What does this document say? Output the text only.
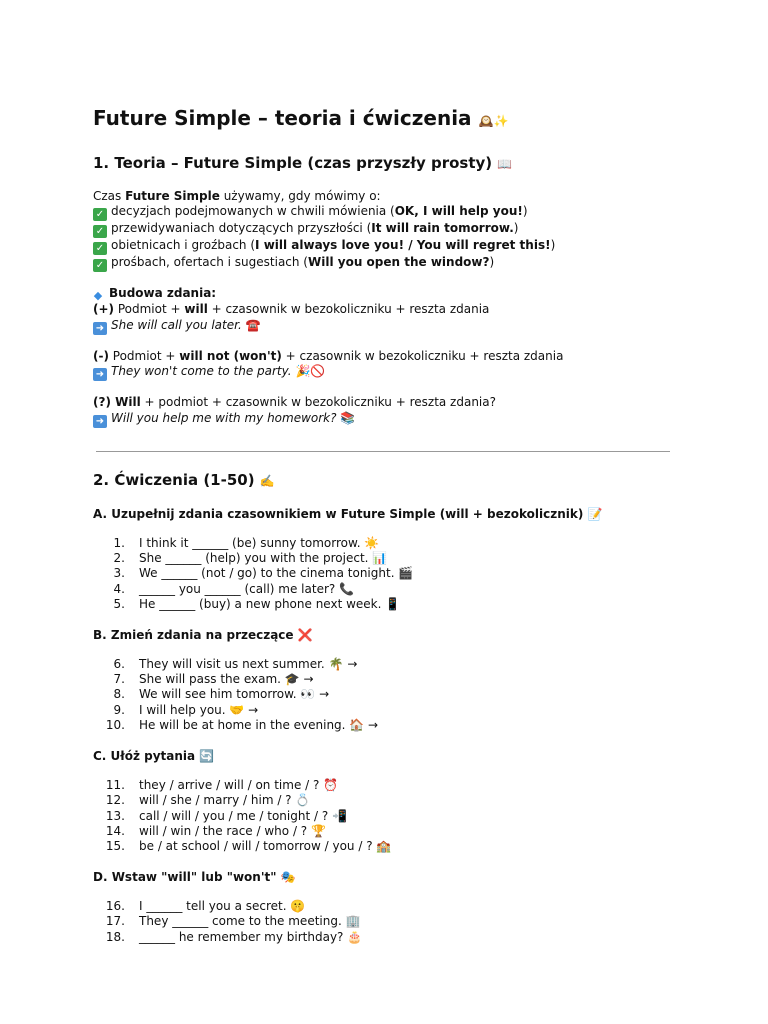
Future Simple – teoria i ćwiczenia 🕰️✨
1. Teoria – Future Simple (czas przyszły prosty) 📖
Czas Future Simple używamy, gdy mówimy o:
✓ decyzjach podejmowanych w chwili mówienia (OK, I will help you!)
✓ przewidywaniach dotyczących przyszłości (It will rain tomorrow.)
✓ obietnicach i groźbach (I will always love you! / You will regret this!)
✓ prośbach, ofertach i sugestiach (Will you open the window?)
◆ Budowa zdania:
(+) Podmiot + will + czasownik w bezokoliczniku + reszta zdania
➜ She will call you later. ☎️
(-) Podmiot + will not (won't) + czasownik w bezokoliczniku + reszta zdania
➜ They won't come to the party. 🎉🚫
(?) Will + podmiot + czasownik w bezokoliczniku + reszta zdania?
➜ Will you help me with my homework? 📚
2. Ćwiczenia (1-50) ✍️
A. Uzupełnij zdania czasownikiem w Future Simple (will + bezokolicznik) 📝
1. I think it ______ (be) sunny tomorrow. ☀️
2. She ______ (help) you with the project. 📊
3. We ______ (not / go) to the cinema tonight. 🎬
4. ______ you ______ (call) me later? 📞
5. He ______ (buy) a new phone next week. 📱
B. Zmień zdania na przeczące ❌
6. They will visit us next summer. 🌴 →
7. She will pass the exam. 🎓 →
8. We will see him tomorrow. 👀 →
9. I will help you. 🤝 →
10. He will be at home in the evening. 🏠 →
C. Ułóż pytania 🔄
11. they / arrive / will / on time / ? ⏰
12. will / she / marry / him / ? 💍
13. call / will / you / me / tonight / ? 📲
14. will / win / the race / who / ? 🏆
15. be / at school / will / tomorrow / you / ? 🏫
D. Wstaw "will" lub "won't" 🎭
16. I ______ tell you a secret. 🤫
17. They ______ come to the meeting. 🏢
18. ______ he remember my birthday? 🎂
